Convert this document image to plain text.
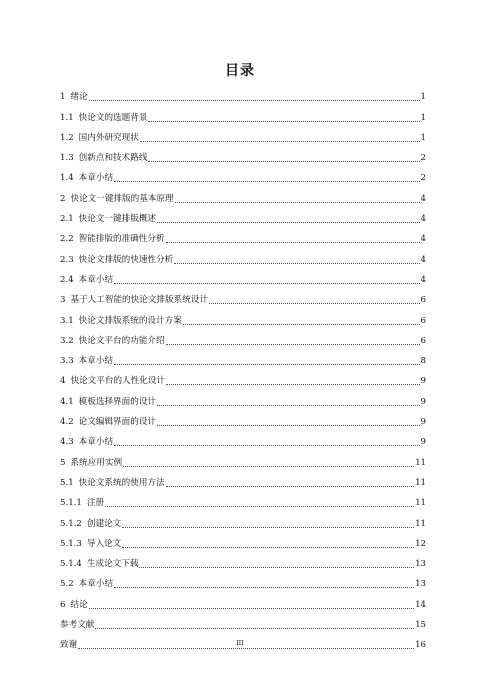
目录
1 绪论	1
1.1 快论文的选题背景	1
1.2 国内外研究现状	1
1.3 创新点和技术路线	2
1.4 本章小结	2
2 快论文一键排版的基本原理	4
2.1 快论文一键排版概述	4
2.2 智能排版的准确性分析	4
2.3 快论文排版的快速性分析	4
2.4 本章小结	4
3 基于人工智能的快论文排版系统设计	6
3.1 快论文排版系统的设计方案	6
3.2 快论文平台的功能介绍	6
3.3 本章小结	8
4 快论文平台的人性化设计	9
4.1 模板选择界面的设计	9
4.2 论文编辑界面的设计	9
4.3 本章小结	9
5 系统应用实例	11
5.1 快论文系统的使用方法	11
5.1.1 注册	11
5.1.2 创建论文	11
5.1.3 导入论文	12
5.1.4 生成论文下载	13
5.2 本章小结	13
6 结论	14
参考文献	15
致谢	16
III
